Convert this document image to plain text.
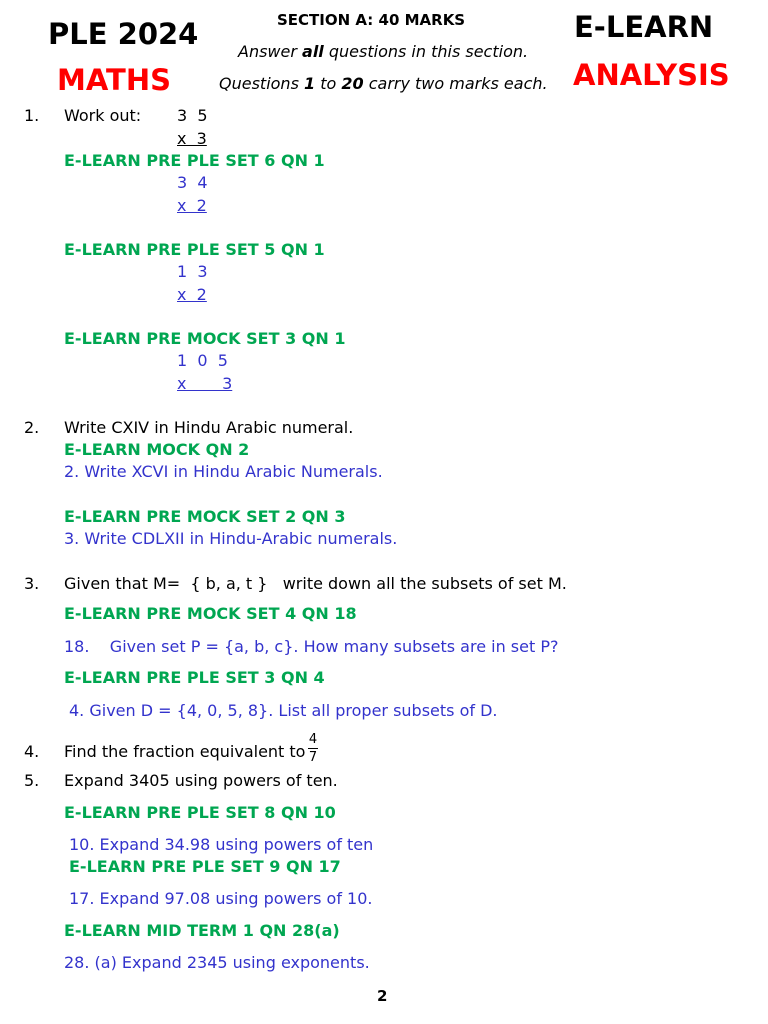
PLE 2024
MATHS
SECTION A: 40 MARKS
Answer all questions in this section.
Questions 1 to 20 carry two marks each.
E-LEARN
ANALYSIS
1. Work out: 3  5
x  3
E-LEARN PRE PLE SET 6 QN 1
3  4
x  2
E-LEARN PRE PLE SET 5 QN 1
1  3
x  2
E-LEARN PRE MOCK SET 3 QN 1
1  0  5
x       3
2. Write CXIV in Hindu Arabic numeral.
E-LEARN MOCK QN 2
2. Write XCVI in Hindu Arabic Numerals.
E-LEARN PRE MOCK SET 2 QN 3
3. Write CDLXII in Hindu-Arabic numerals.
3. Given that M=  { b, a, t }   write down all the subsets of set M.
E-LEARN PRE MOCK SET 4 QN 18
18.    Given set P = {a, b, c}. How many subsets are in set P?
E-LEARN PRE PLE SET 3 QN 4
4. Given D = {4, 0, 5, 8}. List all proper subsets of D.
4. Find the fraction equivalent to
4
7
5. Expand 3405 using powers of ten.
E-LEARN PRE PLE SET 8 QN 10
10. Expand 34.98 using powers of ten
E-LEARN PRE PLE SET 9 QN 17
17. Expand 97.08 using powers of 10.
E-LEARN MID TERM 1 QN 28(a)
28. (a) Expand 2345 using exponents.
2
